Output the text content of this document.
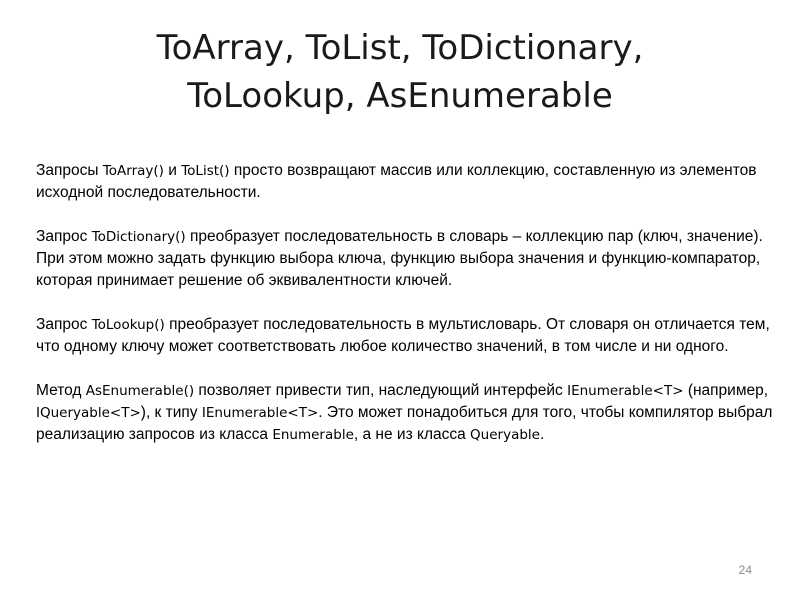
ToArray, ToList, ToDictionary,
ToLookup, AsEnumerable

Запросы ToArray() и ToList() просто возвращают массив или коллекцию, составленную из элементов исходной последовательности.

Запрос ToDictionary() преобразует последовательность в словарь – коллекцию пар (ключ, значение). При этом можно задать функцию выбора ключа, функцию выбора значения и функцию-компаратор, которая принимает решение об эквивалентности ключей.

Запрос ToLookup() преобразует последовательность в мультисловарь. От словаря он отличается тем, что одному ключу может соответствовать любое количество значений, в том числе и ни одного.

Метод AsEnumerable() позволяет привести тип, наследующий интерфейс IEnumerable<T> (например, IQueryable<T>), к типу IEnumerable<T>. Это может понадобиться для того, чтобы компилятор выбрал реализацию запросов из класса Enumerable, а не из класса Queryable.

24
